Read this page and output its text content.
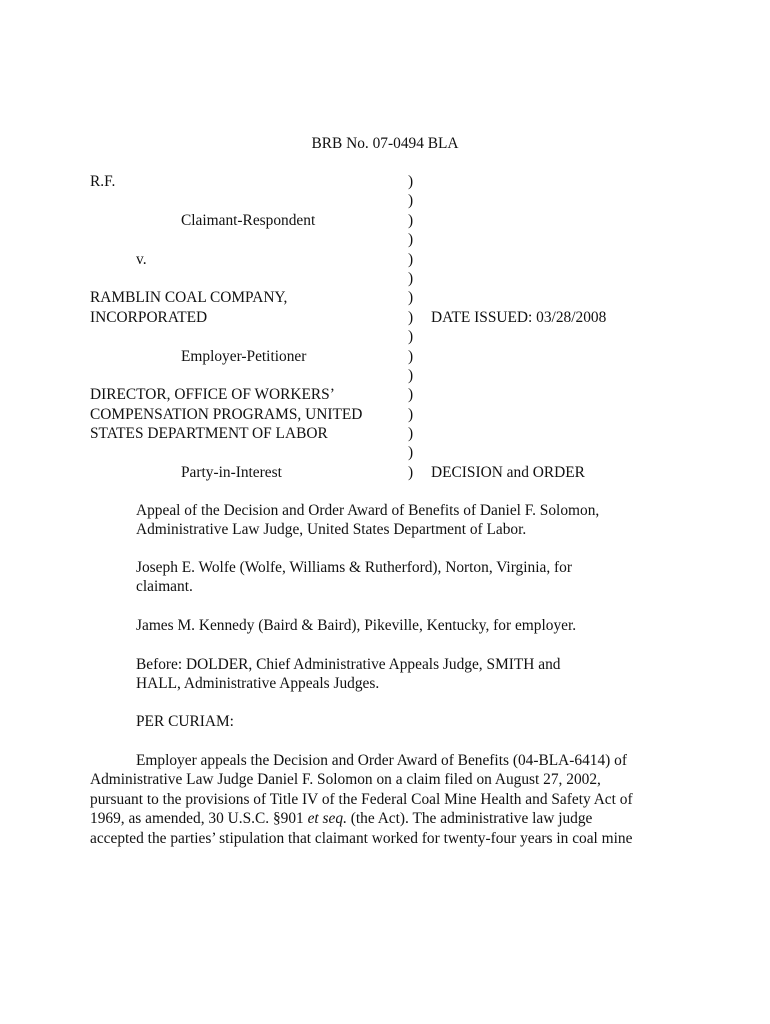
BRB No. 07-0494 BLA
R.F.
Claimant-Respondent
v.
RAMBLIN COAL COMPANY,
INCORPORATED
Employer-Petitioner
DIRECTOR, OFFICE OF WORKERS’
COMPENSATION PROGRAMS, UNITED
STATES DEPARTMENT OF LABOR
Party-in-Interest
)
)
)
)
)
)
)
)
)
)
)
)
)
)
)
)
DATE ISSUED: 03/28/2008
DECISION and ORDER
Appeal of the Decision and Order Award of Benefits of Daniel F. Solomon,
Administrative Law Judge, United States Department of Labor.
Joseph E. Wolfe (Wolfe, Williams & Rutherford), Norton, Virginia, for
claimant.
James M. Kennedy (Baird & Baird), Pikeville, Kentucky, for employer.
Before: DOLDER, Chief Administrative Appeals Judge, SMITH and
HALL, Administrative Appeals Judges.
PER CURIAM:
Employer appeals the Decision and Order Award of Benefits (04-BLA-6414) of
Administrative Law Judge Daniel F. Solomon on a claim filed on August 27, 2002,
pursuant to the provisions of Title IV of the Federal Coal Mine Health and Safety Act of
1969, as amended, 30 U.S.C. §901 et seq. (the Act). The administrative law judge
accepted the parties’ stipulation that claimant worked for twenty-four years in coal mine
